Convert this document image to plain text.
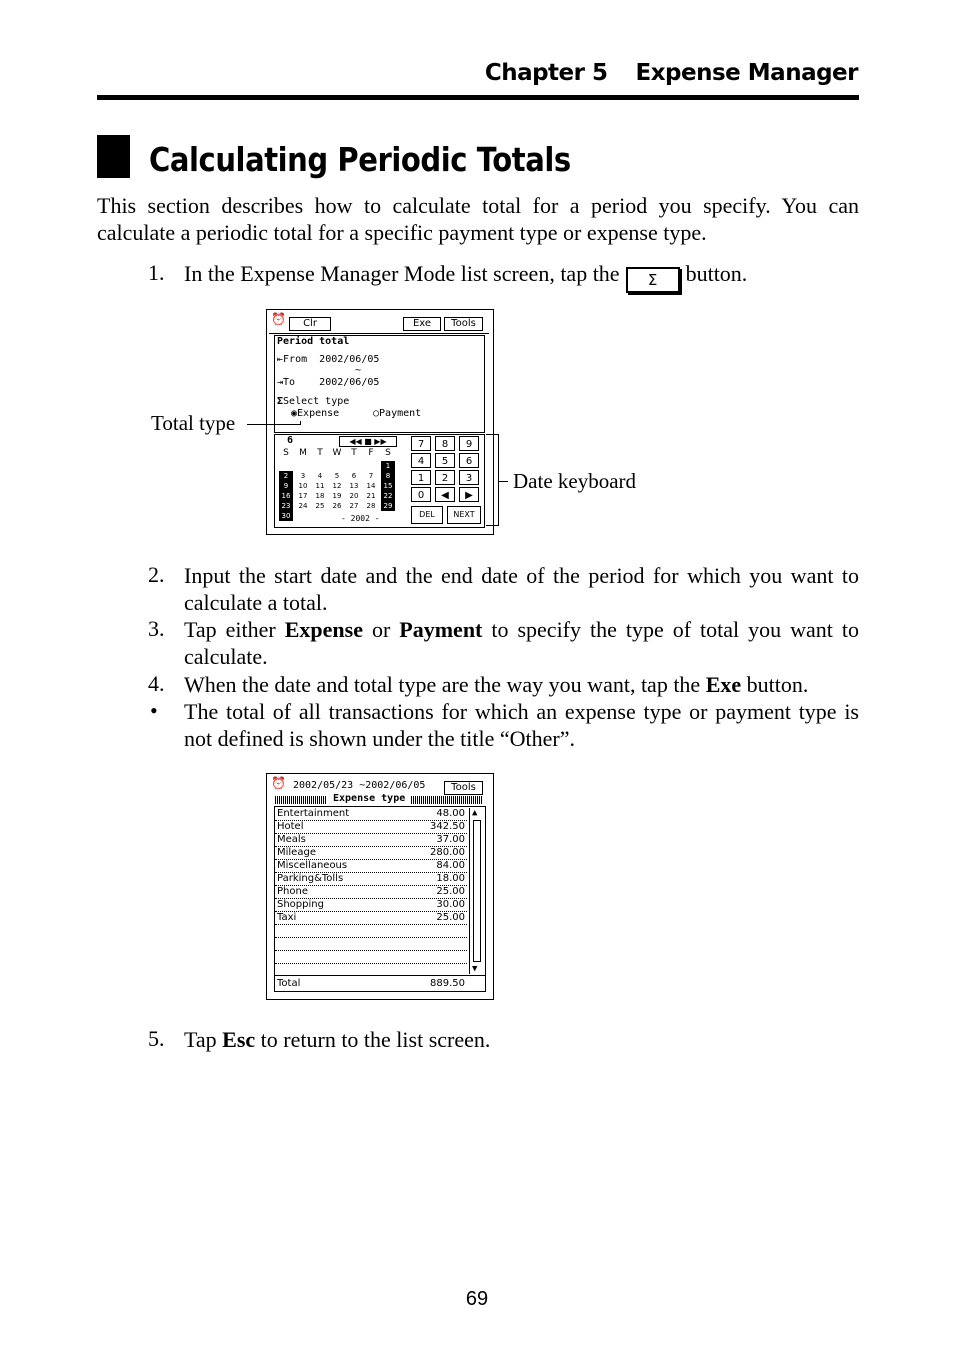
Chapter 5 Expense Manager
Calculating Periodic Totals
This section describes how to calculate total for a period you specify. You can calculate a periodic total for a specific payment type or expense type.
1. In the Expense Manager Mode list screen, tap the Σ button.
⏰	Clr	Exe	Tools
Period total
⇤From 2002/06/05
~
⇥To 2002/06/05
ΣSelect type
◉Expense	○Payment
6	◀◀ ■ ▶▶
S	M	T	W	T	F	S
1
2	3	4	5	6	7	8
9	10	11	12	13	14	15
16	17	18	19	20	21	22
23	24	25	26	27	28	29
30	- 2002 -
7	8	9
4	5	6
1	2	3
0	◀	▶
DEL	NEXT
Total type
Date keyboard
2. Input the start date and the end date of the period for which you want to calculate a total.
3. Tap either Expense or Payment to specify the type of total you want to calculate.
4. When the date and total type are the way you want, tap the Exe button.
• The total of all transactions for which an expense type or payment type is not defined is shown under the title “Other”.
⏰ 2002/05/23 ~2002/06/05	Tools
Expense type
Entertainment	48.00
Hotel	342.50
Meals	37.00
Mileage	280.00
Miscellaneous	84.00
Parking&Tolls	18.00
Phone	25.00
Shopping	30.00
Taxi	25.00
▲
▼
Total	889.50
5. Tap Esc to return to the list screen.
69
